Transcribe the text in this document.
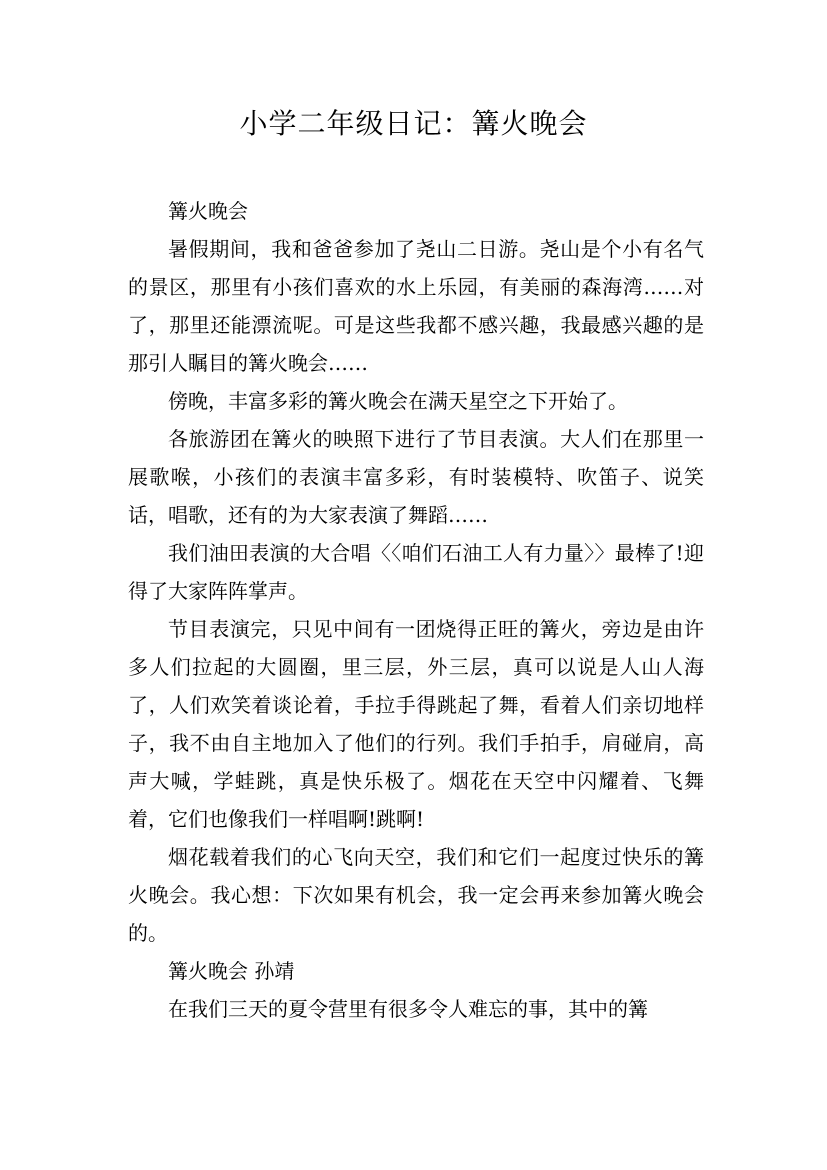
小学二年级日记：篝火晚会

篝火晚会

暑假期间，我和爸爸参加了尧山二日游。尧山是个小有名气的景区，那里有小孩们喜欢的水上乐园，有美丽的森海湾……对了，那里还能漂流呢。可是这些我都不感兴趣，我最感兴趣的是那引人瞩目的篝火晚会……

傍晚，丰富多彩的篝火晚会在满天星空之下开始了。

各旅游团在篝火的映照下进行了节目表演。大人们在那里一展歌喉，小孩们的表演丰富多彩，有时装模特、吹笛子、说笑话，唱歌，还有的为大家表演了舞蹈……

我们油田表演的大合唱〈〈咱们石油工人有力量〉〉最棒了!迎得了大家阵阵掌声。

节目表演完，只见中间有一团烧得正旺的篝火，旁边是由许多人们拉起的大圆圈，里三层，外三层，真可以说是人山人海了，人们欢笑着谈论着，手拉手得跳起了舞，看着人们亲切地样子，我不由自主地加入了他们的行列。我们手拍手，肩碰肩，高声大喊，学蛙跳，真是快乐极了。烟花在天空中闪耀着、飞舞着，它们也像我们一样唱啊!跳啊!

烟花载着我们的心飞向天空，我们和它们一起度过快乐的篝火晚会。我心想：下次如果有机会，我一定会再来参加篝火晚会的。

篝火晚会 孙靖

在我们三天的夏令营里有很多令人难忘的事，其中的篝
